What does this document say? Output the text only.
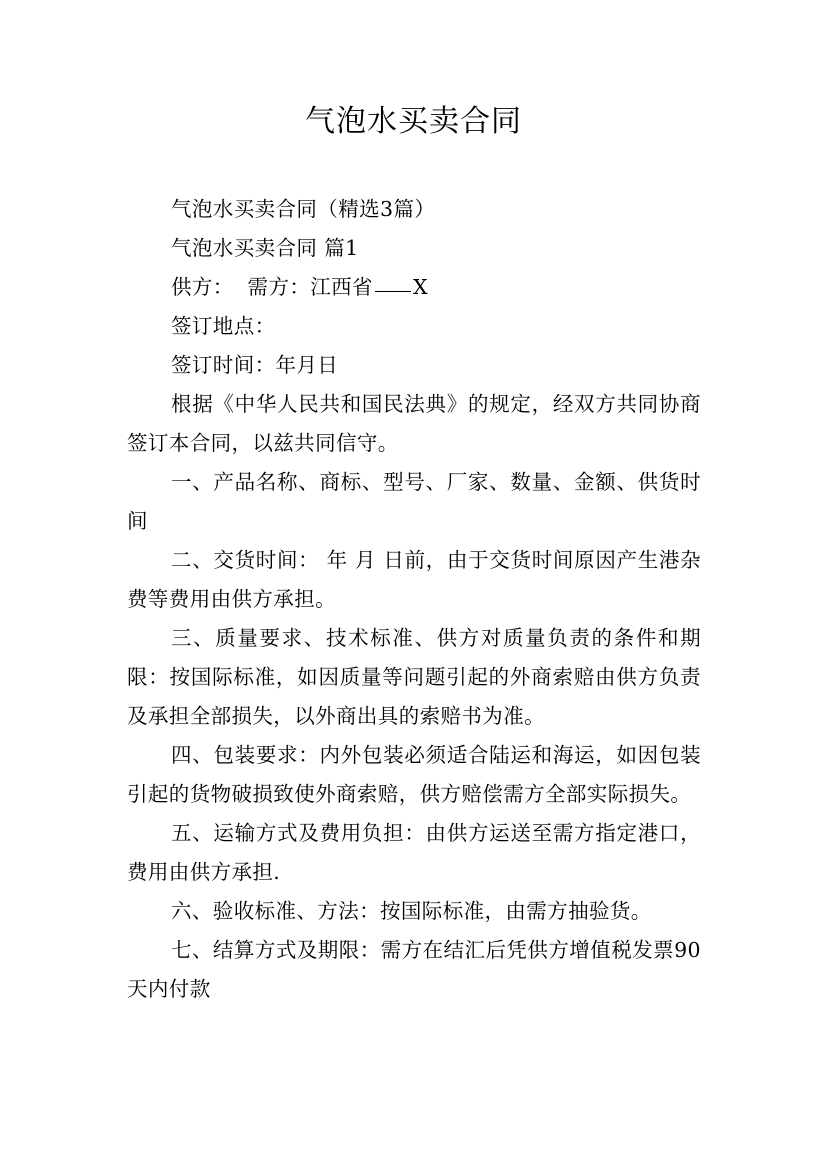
气泡水买卖合同

气泡水买卖合同（精选3篇）

气泡水买卖合同 篇1

供方： 需方：江西省 X

签订地点：

签订时间：年月日

根据《中华人民共和国民法典》的规定，经双方共同协商签订本合同，以兹共同信守。

一、产品名称、商标、型号、厂家、数量、金额、供货时间

二、交货时间： 年 月 日前，由于交货时间原因产生港杂费等费用由供方承担。

三、质量要求、技术标准、供方对质量负责的条件和期限：按国际标准，如因质量等问题引起的外商索赔由供方负责及承担全部损失，以外商出具的索赔书为准。

四、包装要求：内外包装必须适合陆运和海运，如因包装引起的货物破损致使外商索赔，供方赔偿需方全部实际损失。

五、运输方式及费用负担：由供方运送至需方指定港口，费用由供方承担.

六、验收标准、方法：按国际标准，由需方抽验货。

七、结算方式及期限：需方在结汇后凭供方增值税发票90天内付款
